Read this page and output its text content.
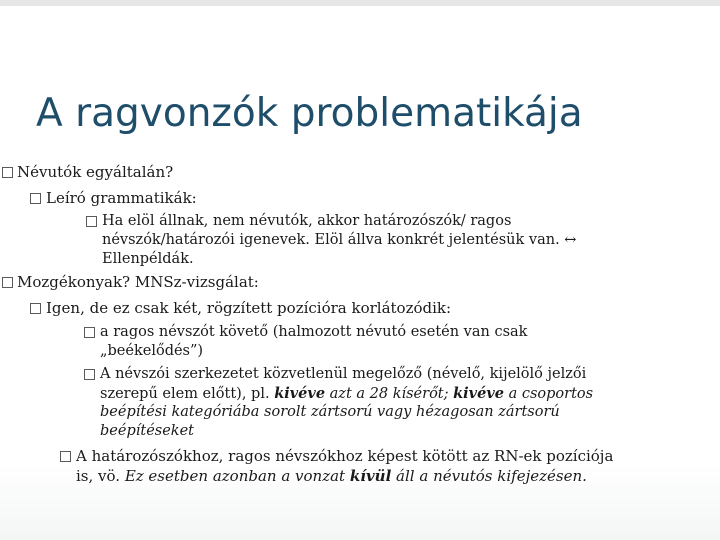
A ragvonzók problematikája
Névutók egyáltalán?
Leíró grammatikák:
Ha elöl állnak, nem névutók, akkor határozószók/ ragos
névszók/határozói igenevek. Elöl állva konkrét jelentésük van. ↔
Ellenpéldák.
Mozgékonyak? MNSz-vizsgálat:
Igen, de ez csak két, rögzített pozícióra korlátozódik:
a ragos névszót követő (halmozott névutó esetén van csak
„beékelődés”)
A névszói szerkezetet közvetlenül megelőző (névelő, kijelölő jelzői
szerepű elem előtt), pl. kivéve azt a 28 kísérőt; kivéve a csoportos
beépítési kategóriába sorolt zártsorú vagy hézagosan zártsorú
beépítéseket
A határozószókhoz, ragos névszókhoz képest kötött az RN-ek pozíciója
is, vö. Ez esetben azonban a vonzat kívül áll a névutós kifejezésen.
